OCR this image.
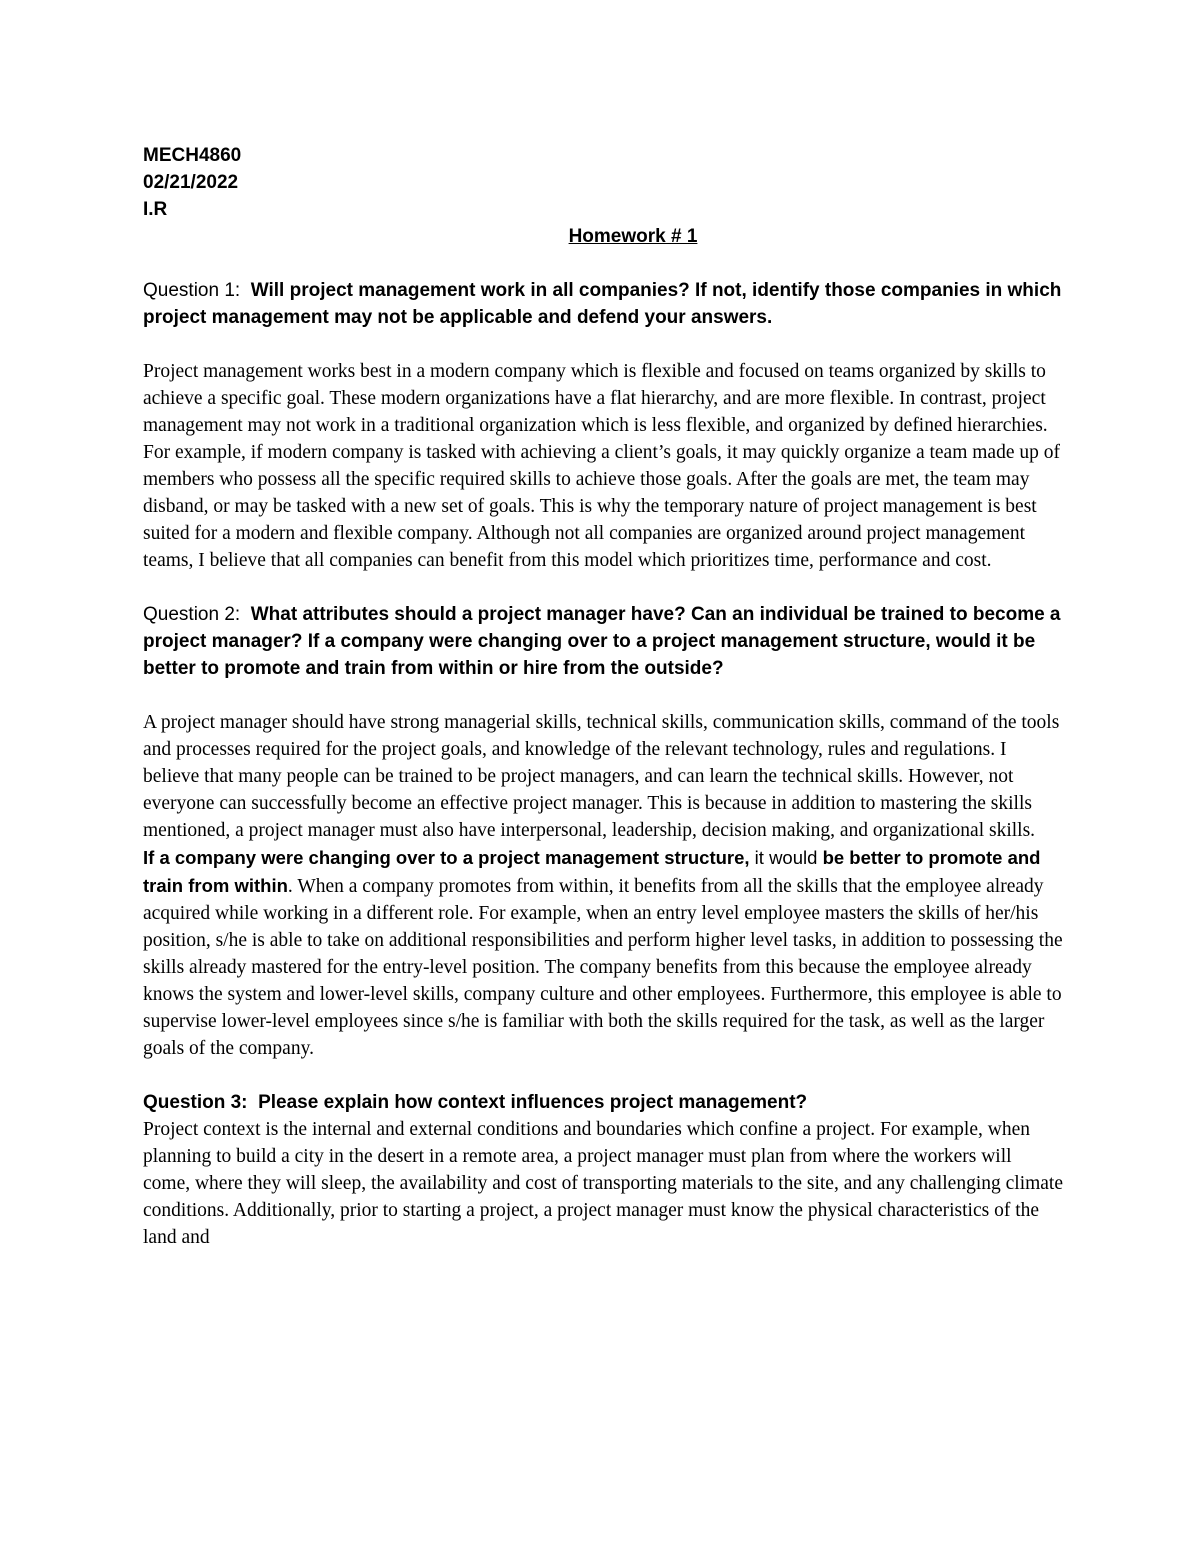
MECH4860

02/21/2022

I.R

Homework # 1

Question 1: Will project management work in all companies? If not, identify those companies in which project management may not be applicable and defend your answers.

Project management works best in a modern company which is flexible and focused on teams organized by skills to achieve a specific goal. These modern organizations have a flat hierarchy, and are more flexible. In contrast, project management may not work in a traditional organization which is less flexible, and organized by defined hierarchies. For example, if modern company is tasked with achieving a client’s goals, it may quickly organize a team made up of members who possess all the specific required skills to achieve those goals. After the goals are met, the team may disband, or may be tasked with a new set of goals. This is why the temporary nature of project management is best suited for a modern and flexible company. Although not all companies are organized around project management teams, I believe that all companies can benefit from this model which prioritizes time, performance and cost.

Question 2: What attributes should a project manager have? Can an individual be trained to become a project manager? If a company were changing over to a project management structure, would it be better to promote and train from within or hire from the outside?

A project manager should have strong managerial skills, technical skills, communication skills, command of the tools and processes required for the project goals, and knowledge of the relevant technology, rules and regulations. I believe that many people can be trained to be project managers, and can learn the technical skills. However, not everyone can successfully become an effective project manager. This is because in addition to mastering the skills mentioned, a project manager must also have interpersonal, leadership, decision making, and organizational skills.

If a company were changing over to a project management structure, it would be better to promote and train from within. When a company promotes from within, it benefits from all the skills that the employee already acquired while working in a different role. For example, when an entry level employee masters the skills of her/his position, s/he is able to take on additional responsibilities and perform higher level tasks, in addition to possessing the skills already mastered for the entry-level position. The company benefits from this because the employee already knows the system and lower-level skills, company culture and other employees. Furthermore, this employee is able to supervise lower-level employees since s/he is familiar with both the skills required for the task, as well as the larger goals of the company.

Question 3: Please explain how context influences project management?

Project context is the internal and external conditions and boundaries which confine a project. For example, when planning to build a city in the desert in a remote area, a project manager must plan from where the workers will come, where they will sleep, the availability and cost of transporting materials to the site, and any challenging climate conditions. Additionally, prior to starting a project, a project manager must know the physical characteristics of the land and
